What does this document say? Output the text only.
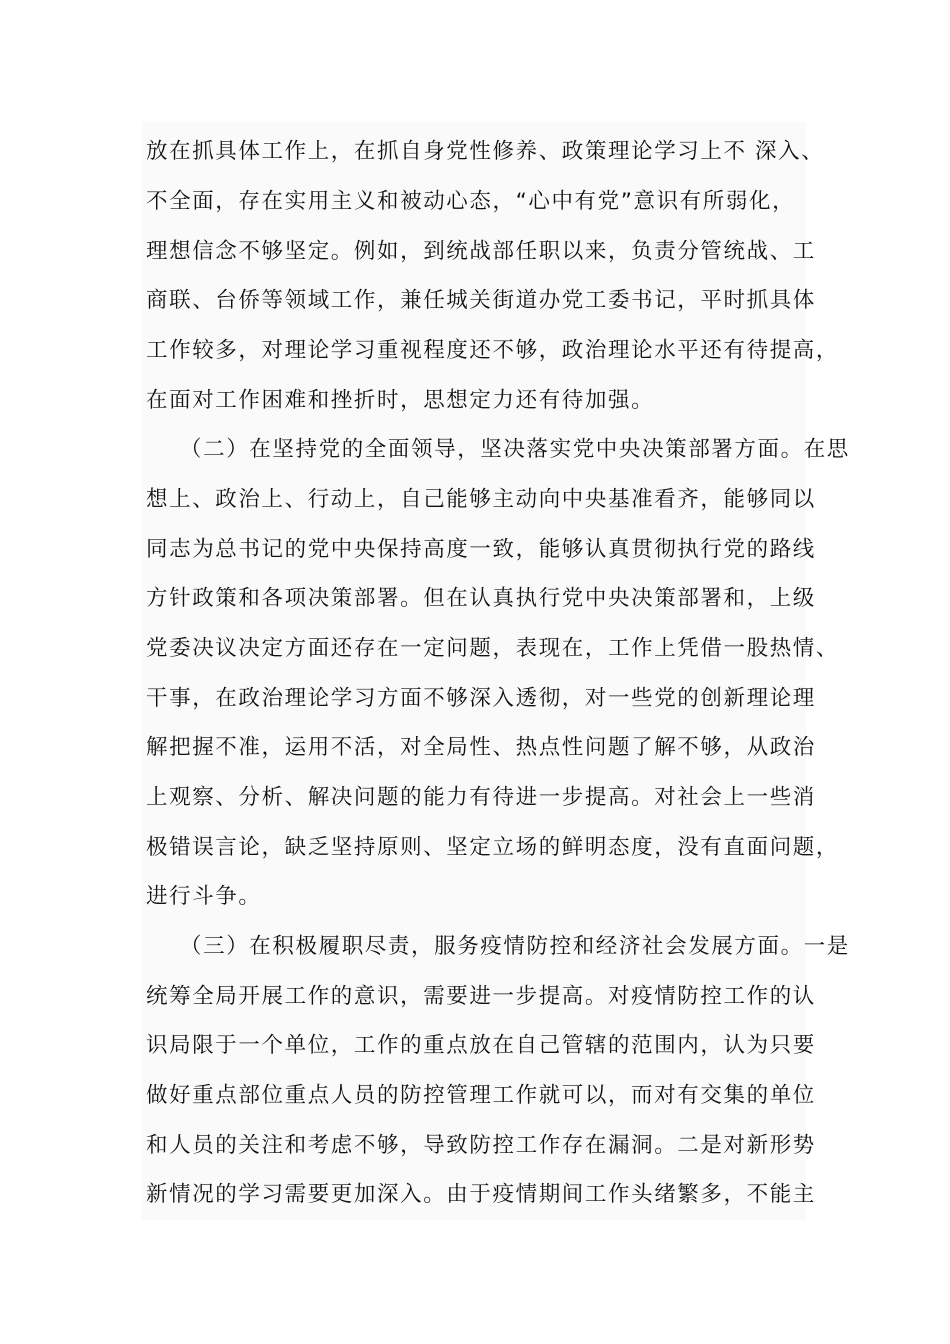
放在抓具体工作上，在抓自身党性修养、政策理论学习上不 深入、
不全面，存在实用主义和被动心态，“心中有党”意识有所弱化，
理想信念不够坚定。例如，到统战部任职以来，负责分管统战、工
商联、台侨等领域工作，兼任城关街道办党工委书记，平时抓具体
工作较多，对理论学习重视程度还不够，政治理论水平还有待提高，
在面对工作困难和挫折时，思想定力还有待加强。
（二）在坚持党的全面领导，坚决落实党中央决策部署方面。在思
想上、政治上、行动上，自己能够主动向中央基准看齐，能够同以
同志为总书记的党中央保持高度一致，能够认真贯彻执行党的路线
方针政策和各项决策部署。但在认真执行党中央决策部署和，上级
党委决议决定方面还存在一定问题，表现在，工作上凭借一股热情、
干事，在政治理论学习方面不够深入透彻，对一些党的创新理论理
解把握不准，运用不活，对全局性、热点性问题了解不够，从政治
上观察、分析、解决问题的能力有待进一步提高。对社会上一些消
极错误言论，缺乏坚持原则、坚定立场的鲜明态度，没有直面问题，
进行斗争。
（三）在积极履职尽责，服务疫情防控和经济社会发展方面。一是
统筹全局开展工作的意识，需要进一步提高。对疫情防控工作的认
识局限于一个单位，工作的重点放在自己管辖的范围内，认为只要
做好重点部位重点人员的防控管理工作就可以，而对有交集的单位
和人员的关注和考虑不够，导致防控工作存在漏洞。二是对新形势
新情况的学习需要更加深入。由于疫情期间工作头绪繁多，不能主
